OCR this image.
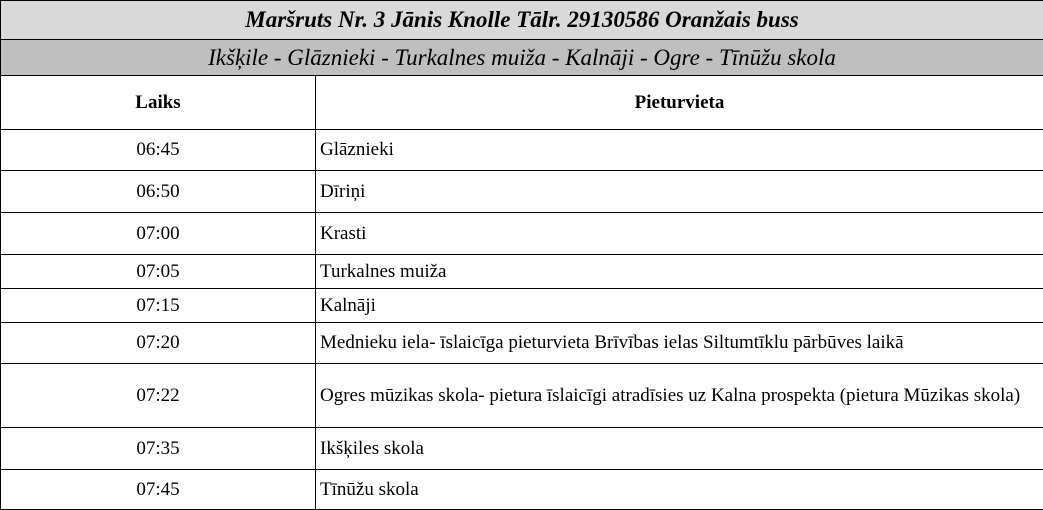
Maršruts Nr. 3 Jānis Knolle Tālr. 29130586 Oranžais buss	
Ikšķile - Glāznieki - Turkalnes muiža - Kalnāji - Ogre - Tīnūžu skola	
Laiks	Pieturvieta
06:45	Glāznieki
06:50	Dīriņi
07:00	Krasti
07:05	Turkalnes muiža
07:15	Kalnāji
07:20	Mednieku iela- īslaicīga pieturvieta Brīvības ielas Siltumtīklu pārbūves laikā
07:22	Ogres mūzikas skola- pietura īslaicīgi atradīsies uz Kalna prospekta (pietura Mūzikas skola)
07:35	Ikšķiles skola
07:45	Tīnūžu skola
